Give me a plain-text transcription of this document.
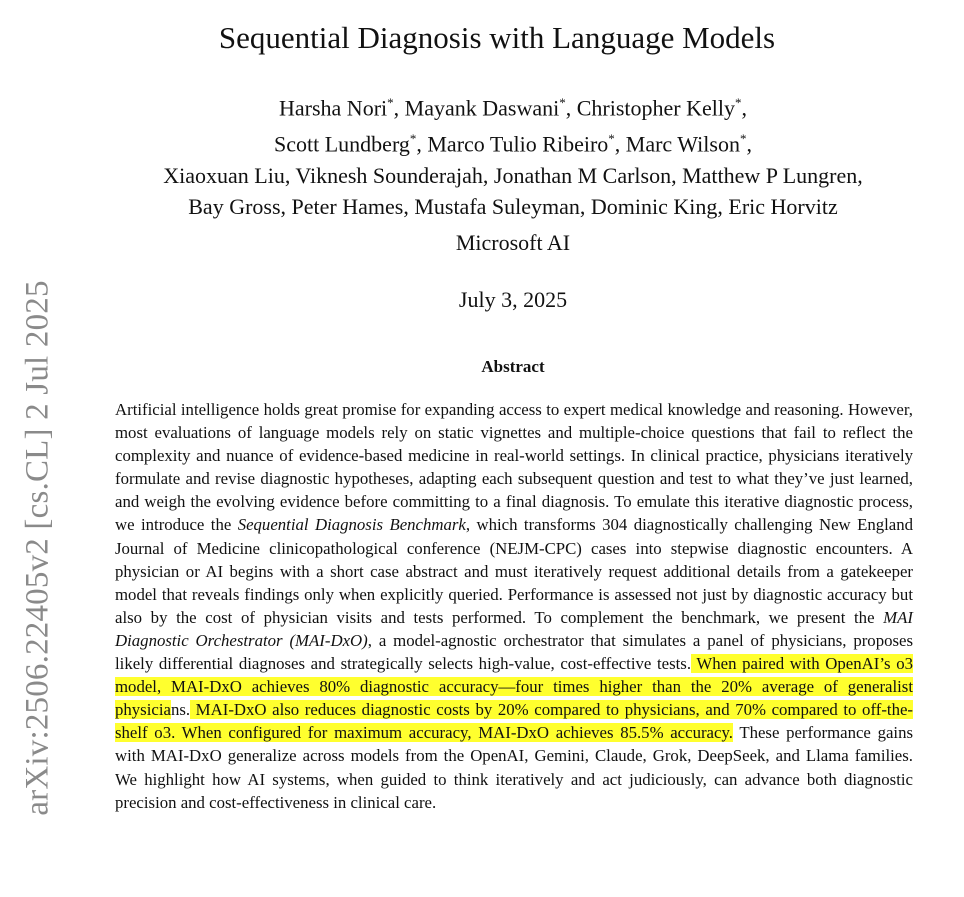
arXiv:2506.22405v2 [cs.CL] 2 Jul 2025
Sequential Diagnosis with Language Models
Harsha Nori*, Mayank Daswani*, Christopher Kelly*,
Scott Lundberg*, Marco Tulio Ribeiro*, Marc Wilson*,
Xiaoxuan Liu, Viknesh Sounderajah, Jonathan M Carlson, Matthew P Lungren,
Bay Gross, Peter Hames, Mustafa Suleyman, Dominic King, Eric Horvitz
Microsoft AI
July 3, 2025
Abstract
Artificial intelligence holds great promise for expanding access to expert medical knowledge and reasoning. However, most evaluations of language models rely on static vignettes and multiple-choice questions that fail to reflect the complexity and nuance of evidence-based medicine in real-world settings. In clinical practice, physicians iteratively formulate and revise diagnostic hypotheses, adapting each subsequent question and test to what they’ve just learned, and weigh the evolving evidence before committing to a final diagnosis. To emulate this iterative diagnostic process, we introduce the Sequential Diagnosis Benchmark, which transforms 304 diagnostically challenging New England Journal of Medicine clinicopathological conference (NEJM-CPC) cases into stepwise diagnostic encounters. A physician or AI begins with a short case abstract and must iteratively request additional details from a gatekeeper model that reveals findings only when explicitly queried. Performance is assessed not just by diagnostic accuracy but also by the cost of physician visits and tests performed. To complement the benchmark, we present the MAI Diagnostic Orchestrator (MAI-DxO), a model-agnostic orchestrator that simulates a panel of physicians, proposes likely differential diagnoses and strategically selects high-value, cost-effective tests. When paired with OpenAI’s o3 model, MAI-DxO achieves 80% diagnostic accuracy—four times higher than the 20% average of generalist physicians. MAI-DxO also reduces diagnostic costs by 20% compared to physicians, and 70% compared to off-the-shelf o3. When configured for maximum accuracy, MAI-DxO achieves 85.5% accuracy. These performance gains with MAI-DxO generalize across models from the OpenAI, Gemini, Claude, Grok, DeepSeek, and Llama families. We highlight how AI systems, when guided to think iteratively and act judiciously, can advance both diagnostic precision and cost-effectiveness in clinical care.
